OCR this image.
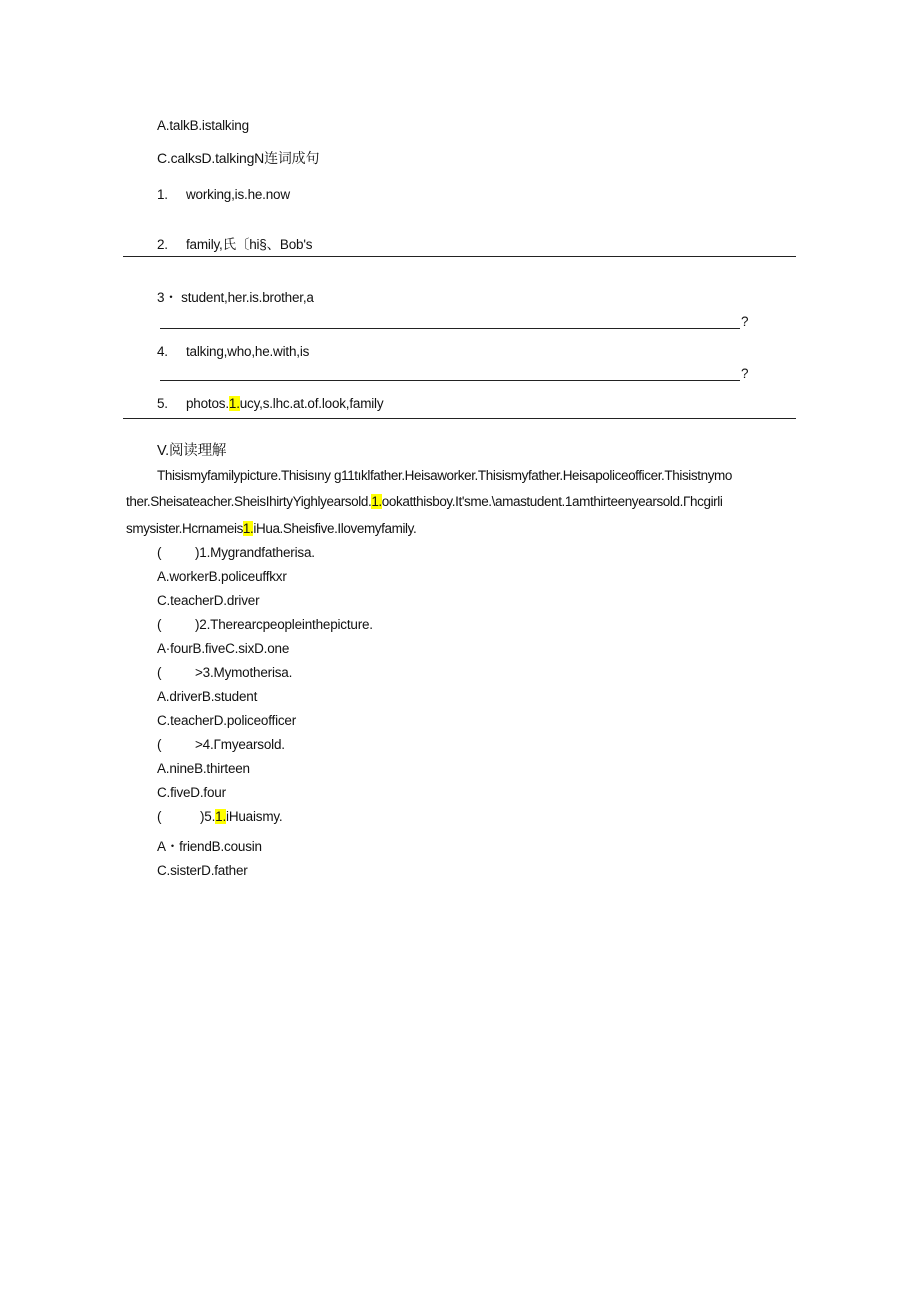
A.talkB.istalking
C.calksD.talkingN连词成句
1. working,is.he.now
2. family,氏〔hi§、Bob's
3・ student,her.is.brother,a
?
4. talking,who,he.with,is
?
5. photos.1.ucy,s.lhc.at.of.look,family
V.阅读理解
Thisismyfamilypicture.Thisisıny g11tıklfather.Heisaworker.Thisismyfather.Heisapoliceofficer.Thisistnymo
ther.Sheisateacher.SheisIhirtyYighlyearsold.1.ookatthisboy.It'sme.\amastudent.1amthirteenyearsold.Γhcgirli
smysister.Hcrnameis1.iHua.Sheisfive.Ilovemyfamily.
( )1.Mygrandfatherisa.
A.workerB.policeuffkxr
C.teacherD.driver
( )2.Therearcpeopleinthepicture.
A·fourB.fiveC.sixD.one
( >3.Mymotherisa.
A.driverB.student
C.teacherD.policeofficer
( >4.Γmyearsold.
A.nineB.thirteen
C.fiveD.four
(	)5.1.iHuaismy.
A・friendB.cousin
C.sisterD.father
